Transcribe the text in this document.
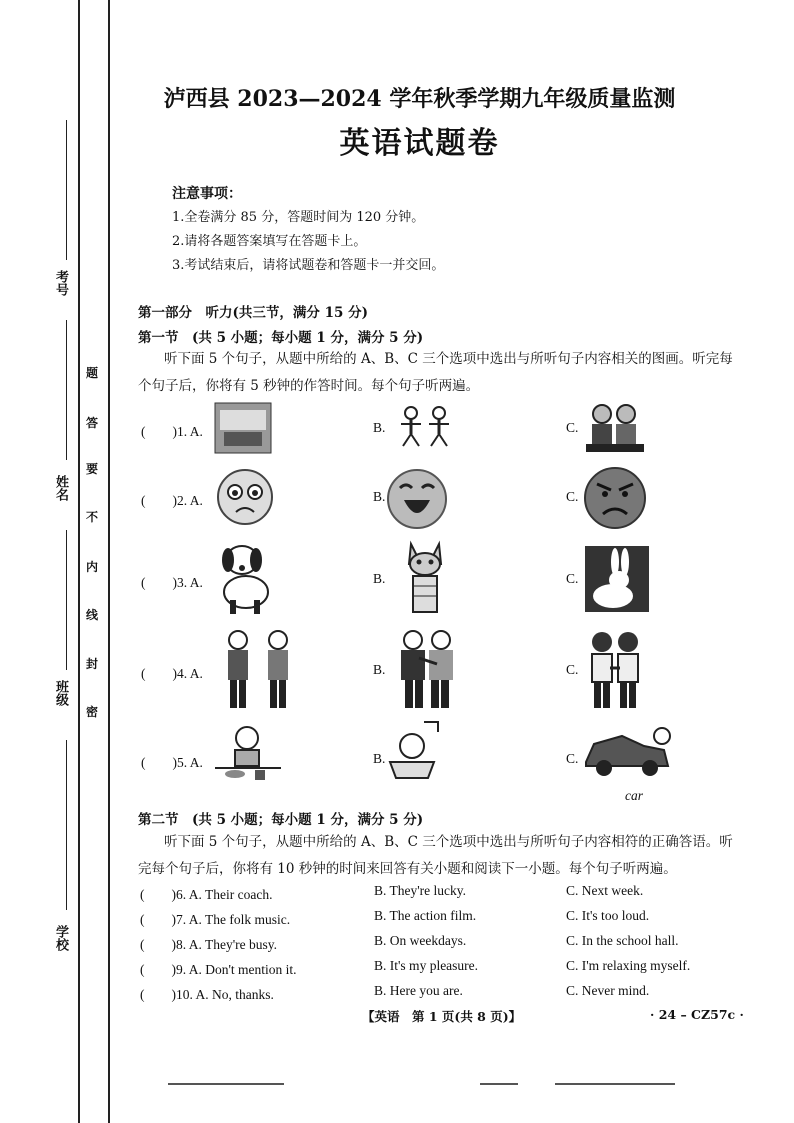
考号
姓名
班级
学校
题
答
要
不
内
线
封
密
泸西县 2023—2024 学年秋季学期九年级质量监测
英语试题卷
注意事项：
1.全卷满分 85 分，答题时间为 120 分钟。
2.请将各题答案填写在答题卡上。
3.考试结束后，请将试题卷和答题卡一并交回。
第一部分　听力(共三节，满分 15 分)
第一节　(共 5 小题；每小题 1 分，满分 5 分)
听下面 5 个句子，从题中所给的 A、B、C 三个选项中选出与所听句子内容相关的图画。听完每个句子后，你将有 5 秒钟的作答时间。每个句子听两遍。
(　　)1. A.	B.	C.
(　　)2. A.	B.	C.
(　　)3. A.	B.	C.
(　　)4. A.	B.	C.
(　　)5. A.	B.	C.
car
第二节　(共 5 小题；每小题 1 分，满分 5 分)
听下面 5 个句子，从题中所给的 A、B、C 三个选项中选出与所听句子内容相符的正确答语。听完每个句子后，你将有 10 秒钟的时间来回答有关小题和阅读下一小题。每个句子听两遍。
(　　)6. A. Their coach.	B. They're lucky.	C. Next week.
(　　)7. A. The folk music.	B. The action film.	C. It's too loud.
(　　)8. A. They're busy.	B. On weekdays.	C. In the school hall.
(　　)9. A. Don't mention it.	B. It's my pleasure.	C. I'm relaxing myself.
(　　)10. A. No, thanks.	B. Here you are.	C. Never mind.
【英语　第 1 页(共 8 页)】	· 24 – CZ57c ·
